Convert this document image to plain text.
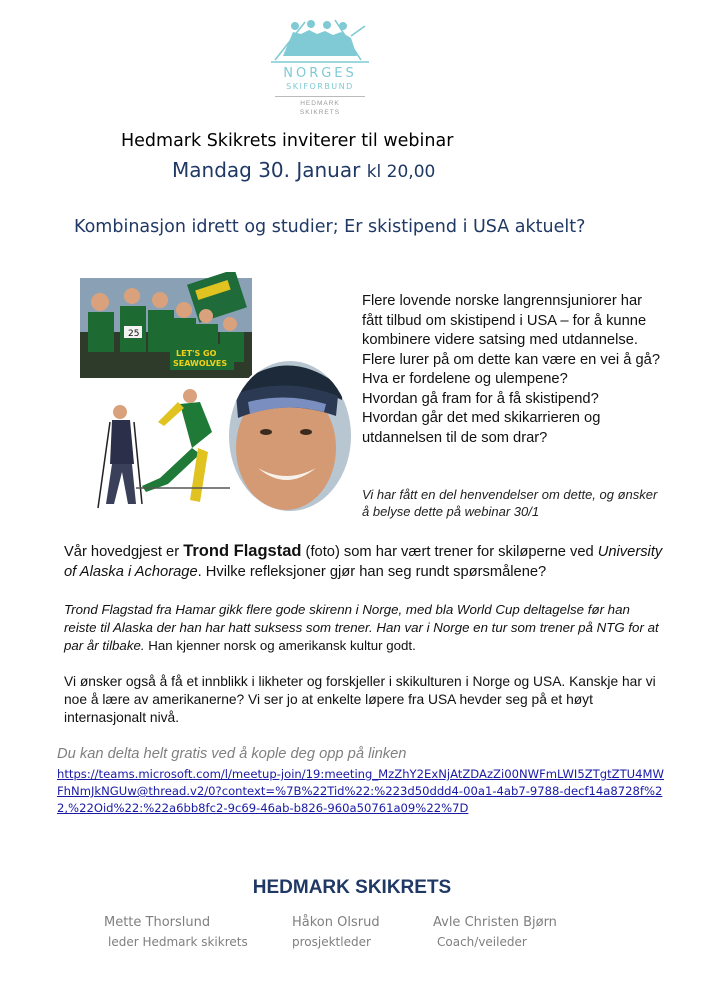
NORGES
SKIFORBUND
HEDMARK
SKIKRETS
Hedmark Skikrets inviterer til webinar
Mandag 30. Januar kl 20,00
Kombinasjon idrett og studier; Er skistipend i USA aktuelt?
25
LET'S GO
SEAWOLVES

Flere lovende norske langrennsjuniorer har fått tilbud om skistipend i USA – for å kunne kombinere videre satsing med utdannelse. Flere lurer på om dette kan være en vei å gå? Hva er fordelene og ulempene?

Hvordan gå fram for å få skistipend?

Hvordan går det med skikarrieren og utdannelsen til de som drar?

Vi har fått en del henvendelser om dette, og ønsker å belyse dette på webinar 30/1
Vår hovedgjest er Trond Flagstad (foto) som har vært trener for skiløperne ved University of Alaska i Achorage. Hvilke refleksjoner gjør han seg rundt spørsmålene?
Trond Flagstad fra Hamar gikk flere gode skirenn i Norge, med bla World Cup deltagelse før han reiste til Alaska der han har hatt suksess som trener. Han var i Norge en tur som trener på NTG for at par år tilbake. Han kjenner norsk og amerikansk kultur godt.
Vi ønsker også å få et innblikk i likheter og forskjeller i skikulturen i Norge og USA. Kanskje har vi noe å lære av amerikanerne? Vi ser jo at enkelte løpere fra USA hevder seg på et høyt internasjonalt nivå.
Du kan delta helt gratis ved å kople deg opp på linken
https://teams.microsoft.com/l/meetup-join/19:meeting_MzZhY2ExNjAtZDAzZi00NWFmLWI5ZTgtZTU4MWFhNmJkNGUw@thread.v2/0?context=%7B%22Tid%22:%223d50ddd4-00a1-4ab7-9788-decf14a8728f%22,%22Oid%22:%22a6bb8fc2-9c69-46ab-b826-960a50761a09%22%7D
HEDMARK SKIKRETS
Mette Thorslund
leder Hedmark skikrets
Håkon Olsrud
prosjektleder
Avle Christen Bjørn
Coach/veileder
